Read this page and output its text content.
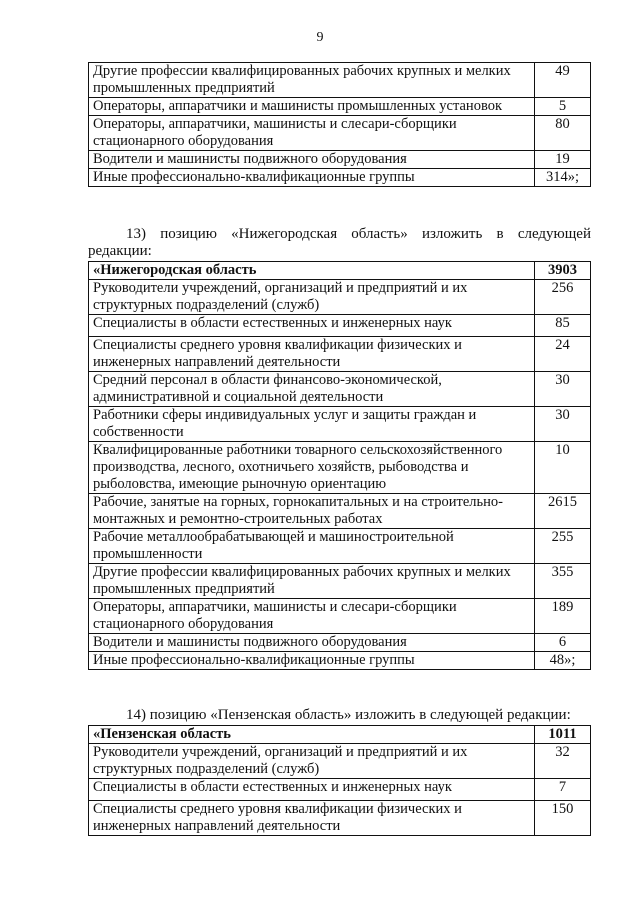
9
Другие профессии квалифицированных рабочих крупных и мелких промышленных предприятий	49
Операторы, аппаратчики и машинисты промышленных установок	5
Операторы, аппаратчики, машинисты и слесари-сборщики стационарного оборудования	80
Водители и машинисты подвижного оборудования	19
Иные профессионально-квалификационные группы	314»;
13) позицию «Нижегородская область» изложить в следующей
редакции:
«Нижегородская область	3903
Руководители учреждений, организаций и предприятий и их структурных подразделений (служб)	256
Специалисты в области естественных и инженерных наук	85
Специалисты среднего уровня квалификации физических и инженерных направлений деятельности	24
Средний персонал в области финансово-экономической, административной и социальной деятельности	30
Работники сферы индивидуальных услуг и защиты граждан и собственности	30
Квалифицированные работники товарного сельскохозяйственного производства, лесного, охотничьего хозяйств, рыбоводства и рыболовства, имеющие рыночную ориентацию	10
Рабочие, занятые на горных, горнокапитальных и на строительно-монтажных и ремонтно-строительных работах	2615
Рабочие металлообрабатывающей и машиностроительной промышленности	255
Другие профессии квалифицированных рабочих крупных и мелких промышленных предприятий	355
Операторы, аппаратчики, машинисты и слесари-сборщики стационарного оборудования	189
Водители и машинисты подвижного оборудования	6
Иные профессионально-квалификационные группы	48»;
14) позицию «Пензенская область» изложить в следующей редакции:
«Пензенская область	1011
Руководители учреждений, организаций и предприятий и их структурных подразделений (служб)	32
Специалисты в области естественных и инженерных наук	7
Специалисты среднего уровня квалификации физических и инженерных направлений деятельности	150
